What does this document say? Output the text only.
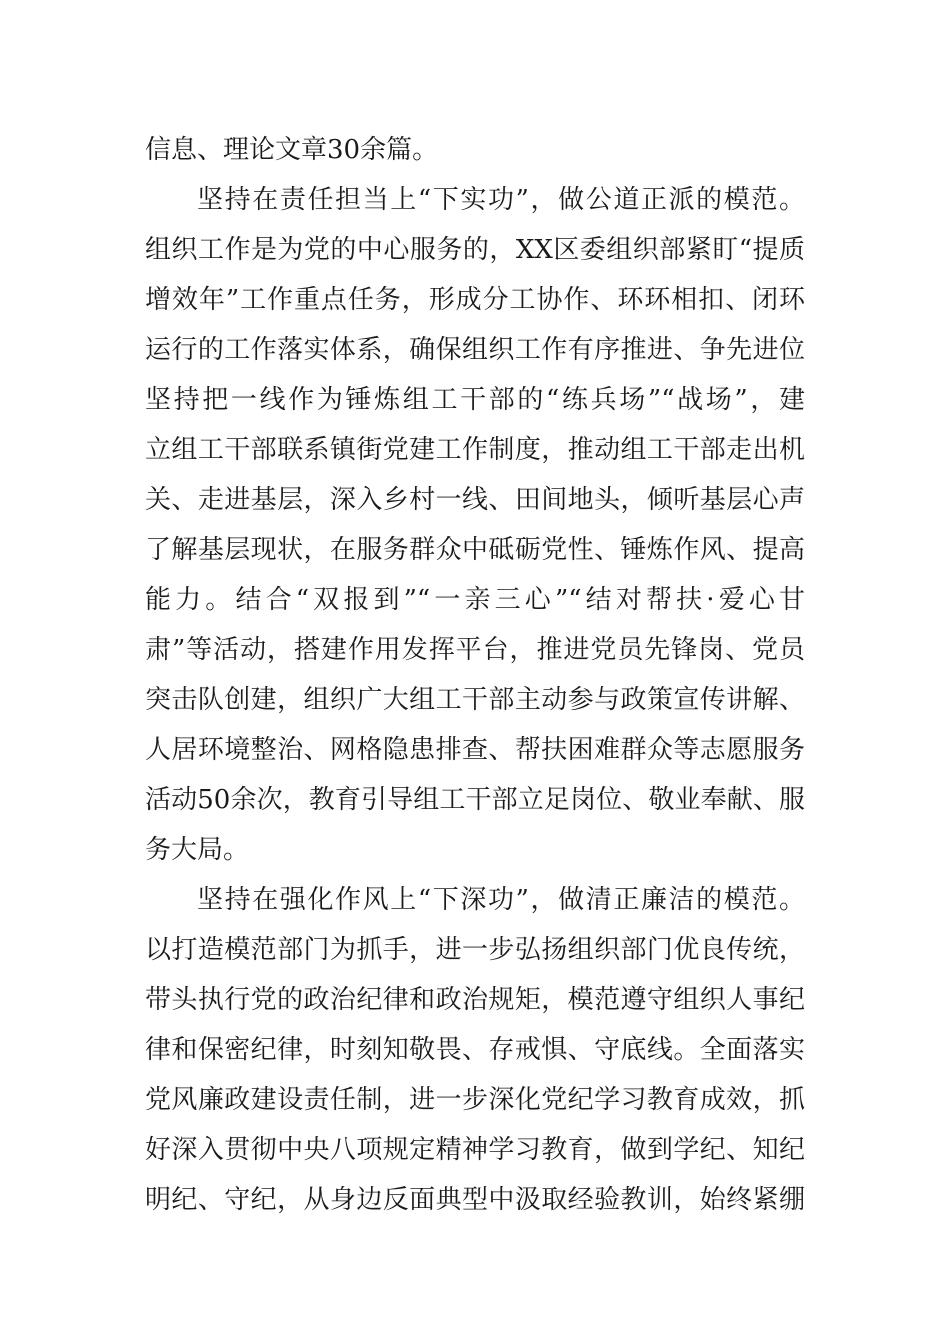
信息、理论文章30余篇。
坚持在责任担当上“下实功”，做公道正派的模范。
组织工作是为党的中心服务的，XX区委组织部紧盯“提质
增效年”工作重点任务，形成分工协作、环环相扣、闭环
运行的工作落实体系，确保组织工作有序推进、争先进位
坚持把一线作为锤炼组工干部的“练兵场”“战场”，建
立组工干部联系镇街党建工作制度，推动组工干部走出机
关、走进基层，深入乡村一线、田间地头，倾听基层心声
了解基层现状，在服务群众中砥砺党性、锤炼作风、提高
能力。结合“双报到”“一亲三心”“结对帮扶·爱心甘
肃”等活动，搭建作用发挥平台，推进党员先锋岗、党员
突击队创建，组织广大组工干部主动参与政策宣传讲解、
人居环境整治、网格隐患排查、帮扶困难群众等志愿服务
活动50余次，教育引导组工干部立足岗位、敬业奉献、服
务大局。
坚持在强化作风上“下深功”，做清正廉洁的模范。
以打造模范部门为抓手，进一步弘扬组织部门优良传统，
带头执行党的政治纪律和政治规矩，模范遵守组织人事纪
律和保密纪律，时刻知敬畏、存戒惧、守底线。全面落实
党风廉政建设责任制，进一步深化党纪学习教育成效，抓
好深入贯彻中央八项规定精神学习教育，做到学纪、知纪
明纪、守纪，从身边反面典型中汲取经验教训，始终紧绷
